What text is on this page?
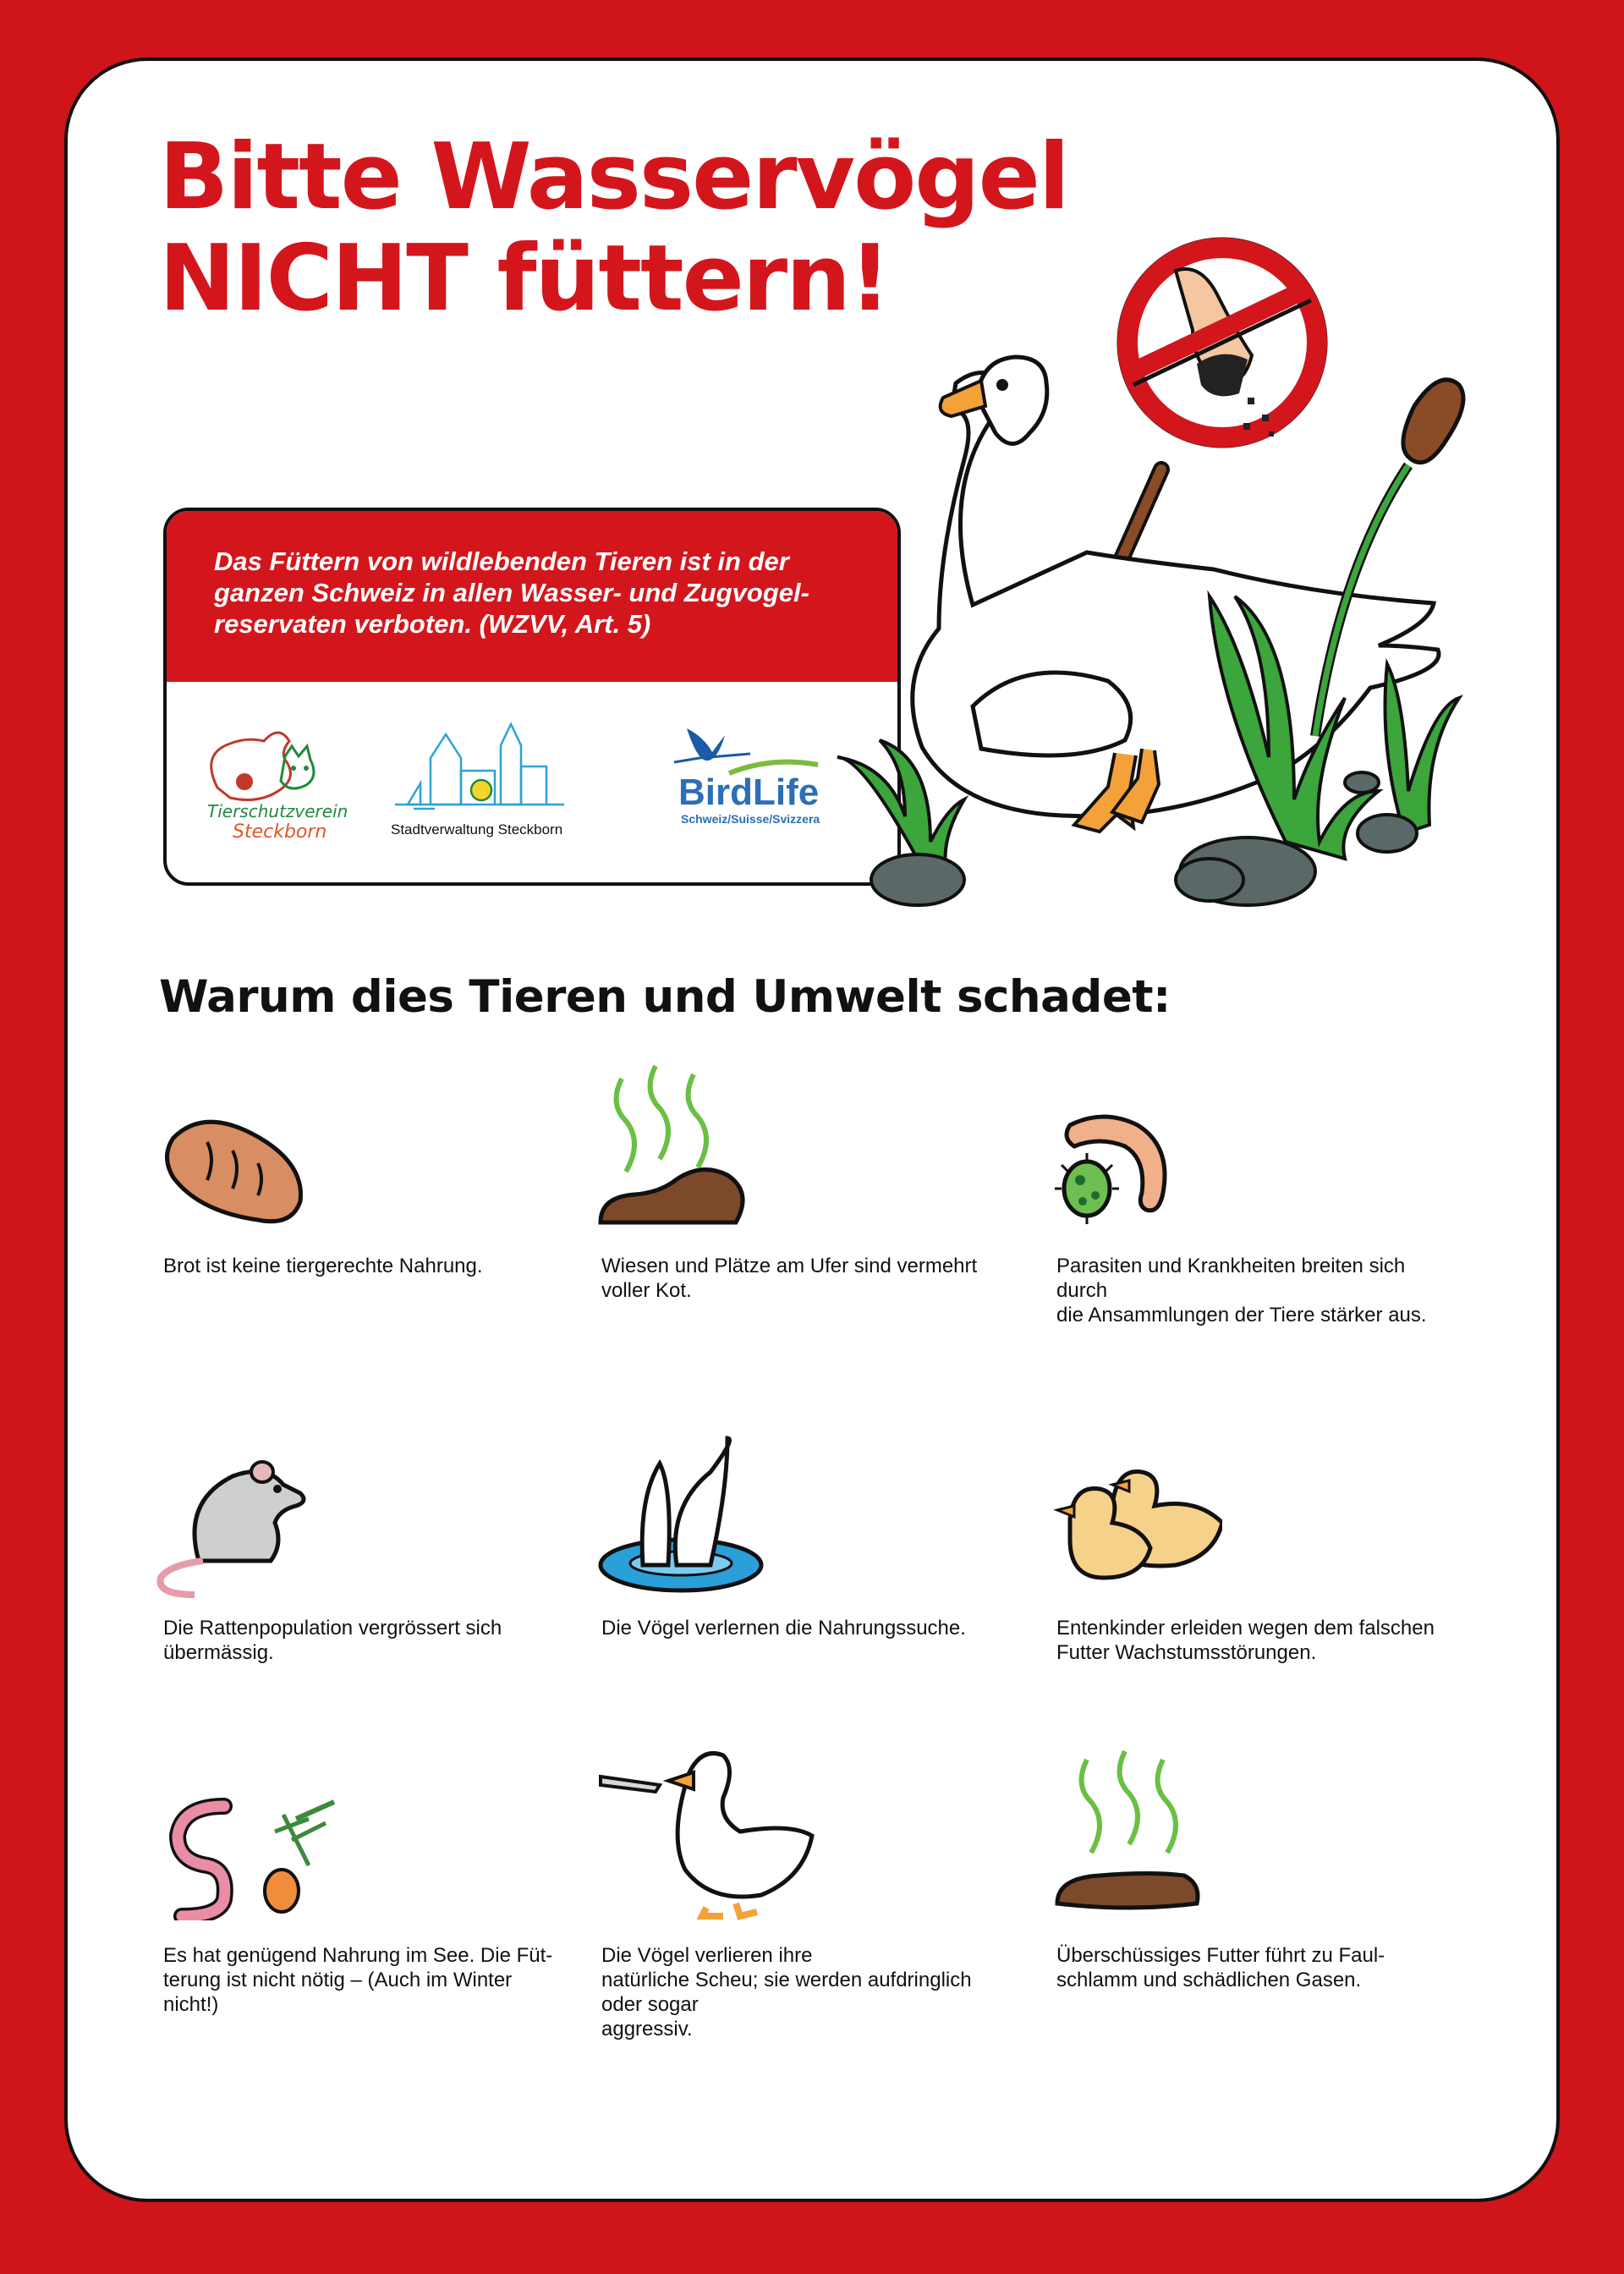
Bitte Wasservögel
NICHT füttern!

Das Füttern von wildlebenden Tieren ist in der ganzen Schweiz in allen Wasser- und Zugvogel-reservaten verboten. (WZVV, Art. 5)

Tierschutzverein
Steckborn	Stadtverwaltung Steckborn
BirdLife
Schweiz/Suisse/Svizzera
Warum dies Tieren und Umwelt schadet:
Brot ist keine tiergerechte Nahrung.	Wiesen und Plätze am Ufer sind vermehrt
voller Kot.
Parasiten und Krankheiten breiten sich
durch
die Ansammlungen der Tiere stärker aus.
Die Rattenpopulation vergrössert sich
übermässig.
Die Vögel verlernen die Nahrungssuche.	Entenkinder erleiden wegen dem falschen
Futter Wachstumsstörungen.
Es hat genügend Nahrung im See. Die Füt-
terung ist nicht nötig – (Auch im Winter
nicht!)
Die Vögel verlieren ihre
natürliche Scheu; sie werden aufdringlich
oder sogar
aggressiv.
Überschüssiges Futter führt zu Faul-
schlamm und schädlichen Gasen.
